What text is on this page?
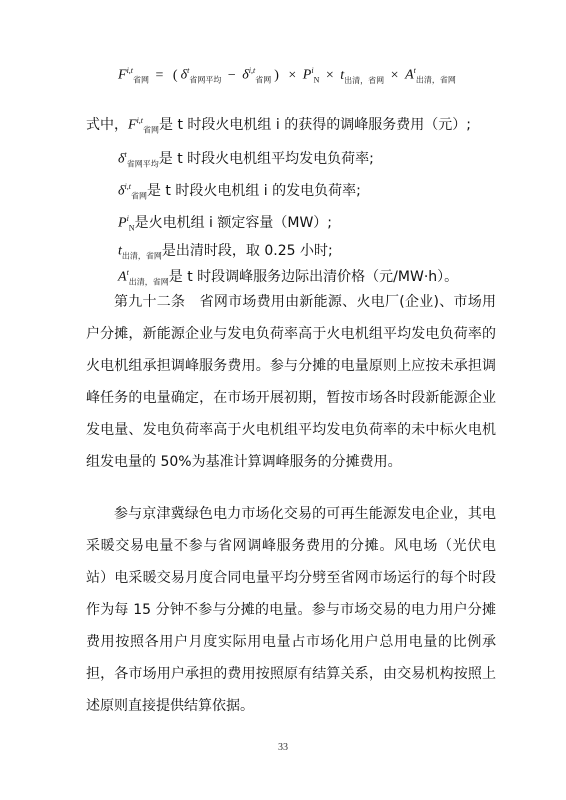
F$^{i,t}_{省网}$ = ( $\delta^t_{省网平均} - \delta^{i,t}_{省网}$ ) × $P^i_N \times t_{出清,省网} \times A^t_{出清,省网}$
式中，F$^{i,t}_{省网}$是 t 时段火电机组 i 的获得的调峰服务费用（元）;
$\delta^t_{省网平均}$是 t 时段火电机组平均发电负荷率;
$\delta^{i,t}_{省网}$是 t 时段火电机组 i 的发电负荷率;
$P^i_N$是火电机组 i 额定容量（MW）;
$t_{出清,省网}$是出清时段，取 0.25 小时;
$A^t_{出清,省网}$是 t 时段调峰服务边际出清价格（元/MW·h）。

第九十二条　省网市场费用由新能源、火电厂(企业)、市场用户分摊，新能源企业与发电负荷率高于火电机组平均发电负荷率的火电机组承担调峰服务费用。参与分摊的电量原则上应按未承担调峰任务的电量确定，在市场开展初期，暂按市场各时段新能源企业发电量、发电负荷率高于火电机组平均发电负荷率的未中标火电机组发电量的 50%为基准计算调峰服务的分摊费用。

参与京津冀绿色电力市场化交易的可再生能源发电企业，其电采暖交易电量不参与省网调峰服务费用的分摊。风电场（光伏电站）电采暖交易月度合同电量平均分劈至省网市场运行的每个时段作为每 15 分钟不参与分摊的电量。参与市场交易的电力用户分摊费用按照各用户月度实际用电量占市场化用户总用电量的比例承担，各市场用户承担的费用按照原有结算关系，由交易机构按照上述原则直接提供结算依据。

33
